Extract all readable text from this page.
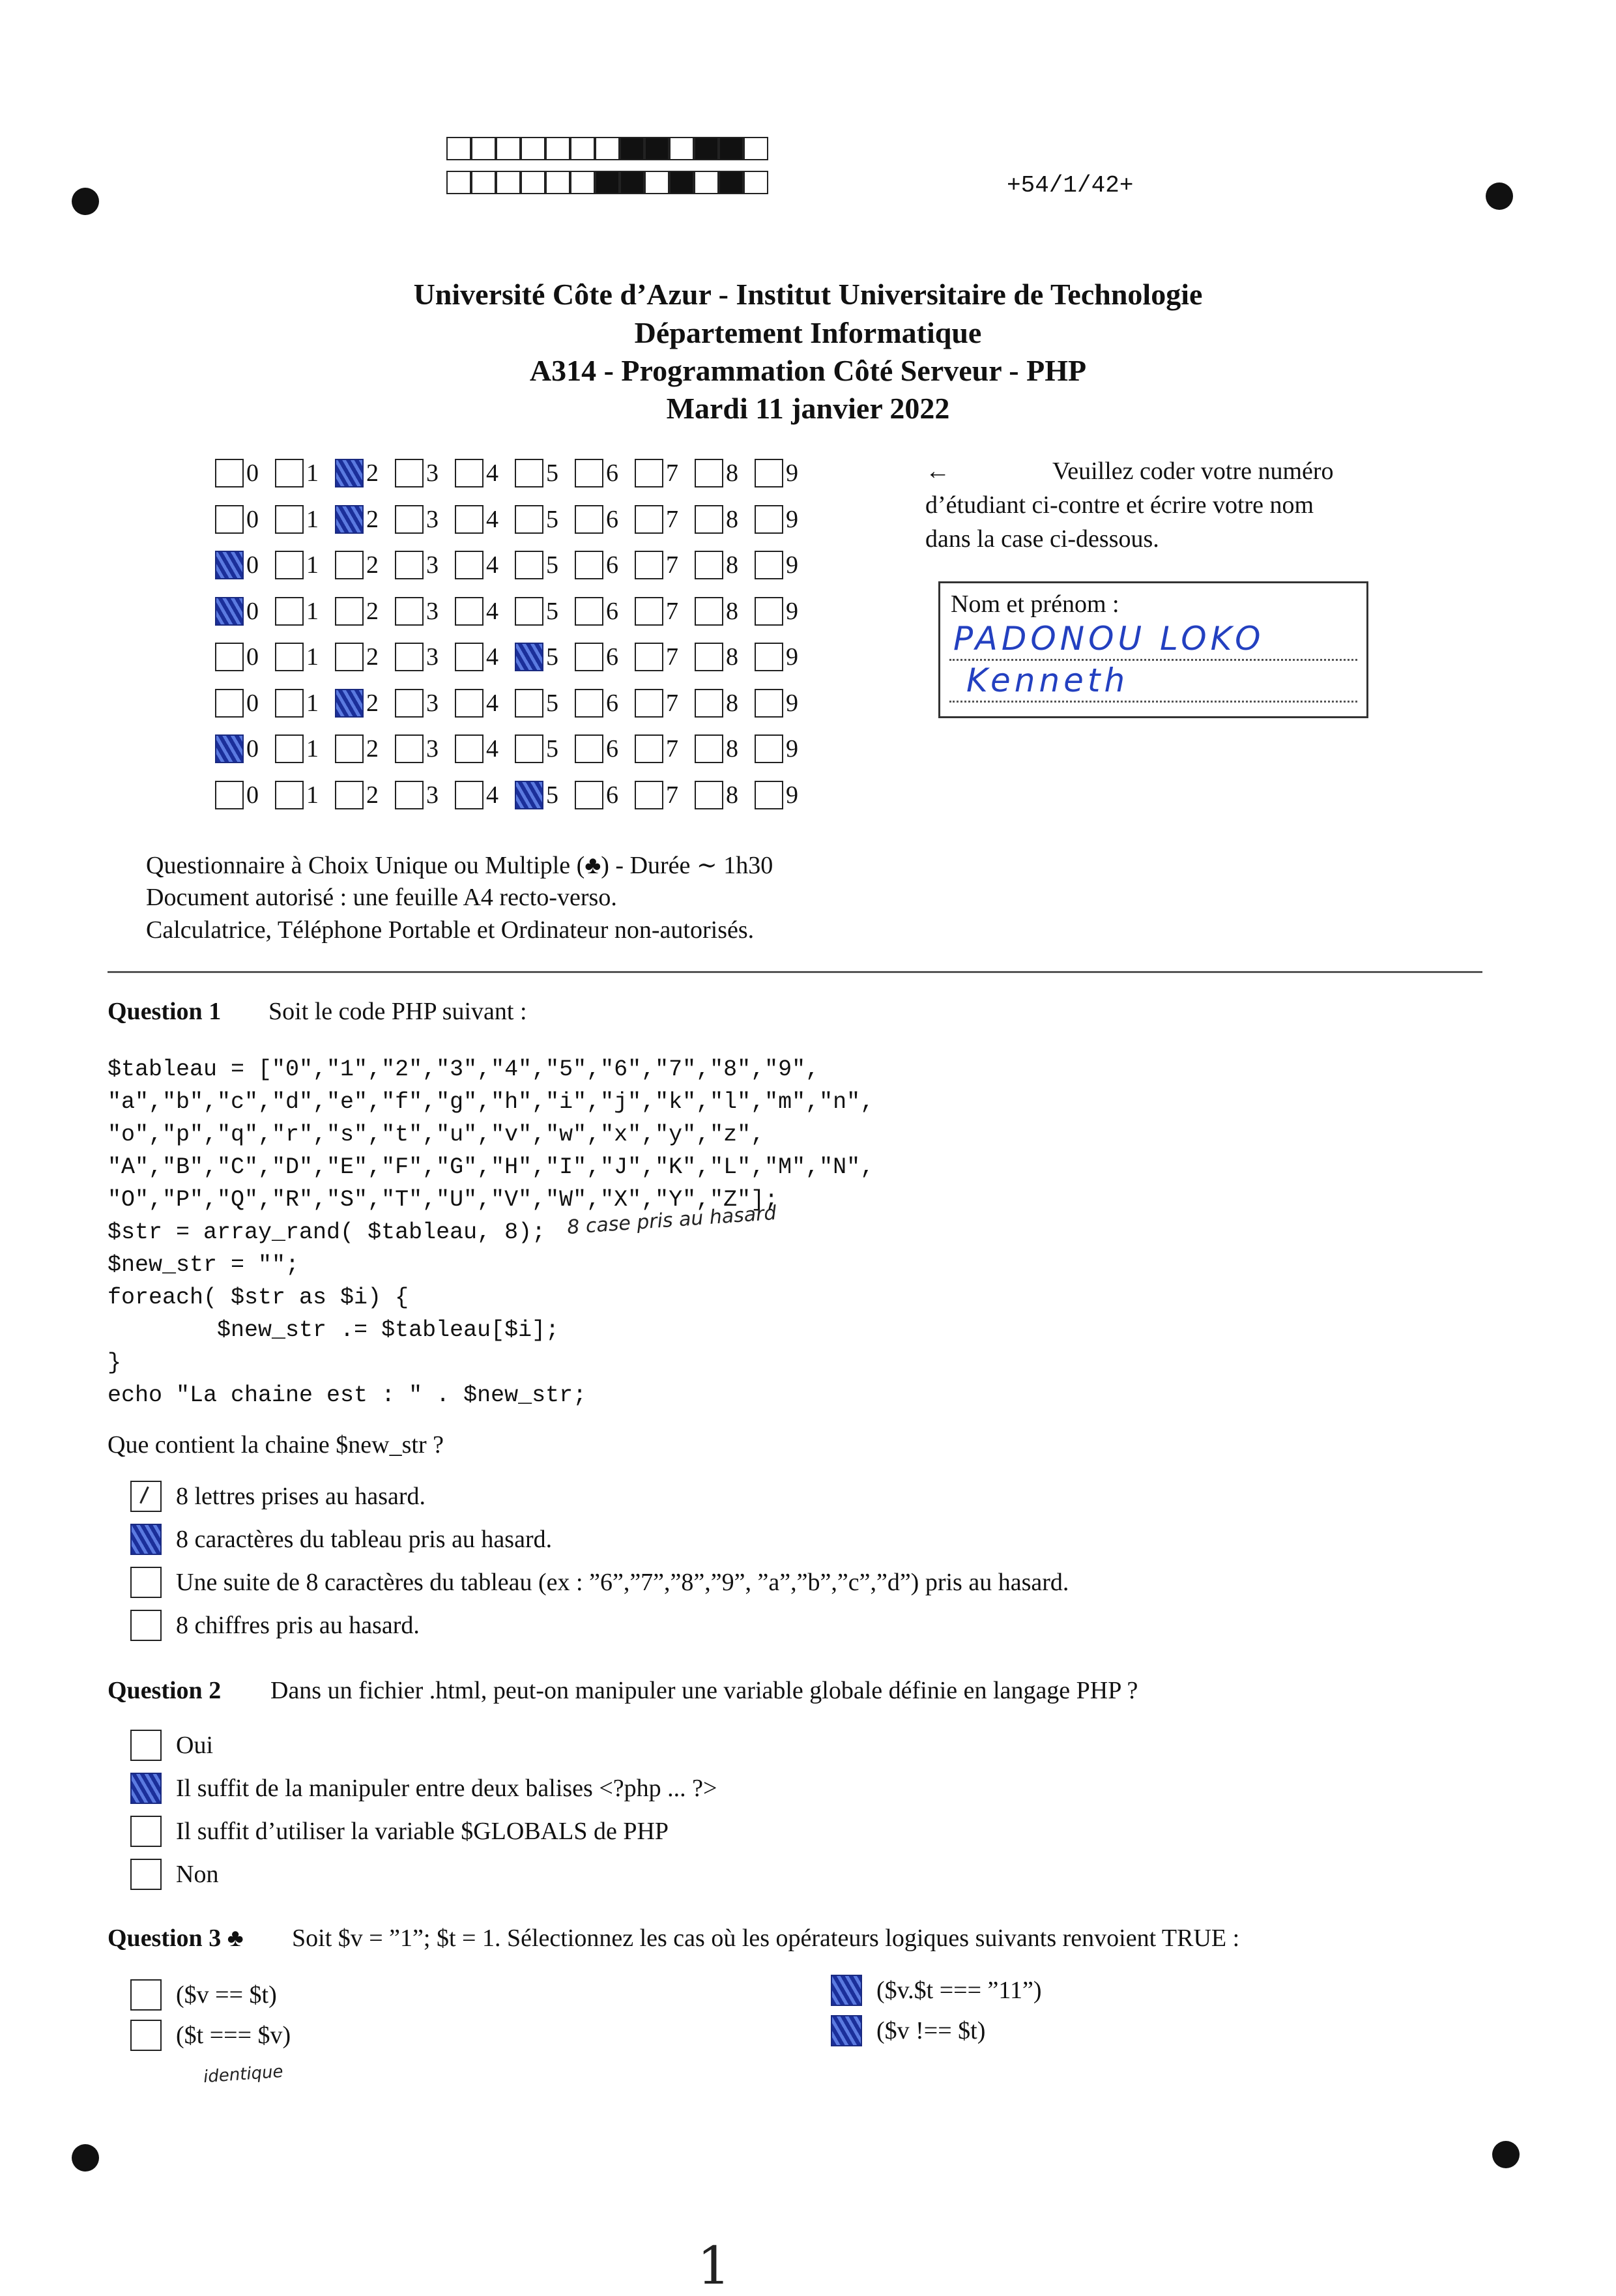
+54/1/42+
Université Côte d’Azur - Institut Universitaire de Technologie
Département Informatique
A314 - Programmation Côté Serveur - PHP
Mardi 11 janvier 2022
0 1 2 3 4 5 6 7 8 9
0 1 2 3 4 5 6 7 8 9
0 1 2 3 4 5 6 7 8 9
0 1 2 3 4 5 6 7 8 9
0 1 2 3 4 5 6 7 8 9
0 1 2 3 4 5 6 7 8 9
0 1 2 3 4 5 6 7 8 9
0 1 2 3 4 5 6 7 8 9
←	Veuillez coder votre numéro
d’étudiant ci-contre et écrire votre nom
dans la case ci-dessous.
Nom et prénom :
PADONOU LOKO
Kenneth
Questionnaire à Choix Unique ou Multiple (♣) - Durée ∼ 1h30
Document autorisé : une feuille A4 recto-verso.
Calculatrice, Téléphone Portable et Ordinateur non-autorisés.
Question 1 Soit le code PHP suivant :
$tableau = ["0","1","2","3","4","5","6","7","8","9",
"a","b","c","d","e","f","g","h","i","j","k","l","m","n",
"o","p","q","r","s","t","u","v","w","x","y","z",
"A","B","C","D","E","F","G","H","I","J","K","L","M","N",
"O","P","Q","R","S","T","U","V","W","X","Y","Z"];
$str = array_rand( $tableau, 8);
$new_str = "";
foreach( $str as $i) {
$new_str .= $tableau[$i];
}
echo "La chaine est : " . $new_str;
8 case pris au hasard
Que contient la chaine $new_str ?
8 lettres prises au hasard.
8 caractères du tableau pris au hasard.
Une suite de 8 caractères du tableau (ex : ”6”,”7”,”8”,”9”, ”a”,”b”,”c”,”d”) pris au hasard.
8 chiffres pris au hasard.
Question 2 Dans un fichier .html, peut-on manipuler une variable globale définie en langage PHP ?
Oui
Il suffit de la manipuler entre deux balises <?php ... ?>
Il suffit d’utiliser la variable $GLOBALS de PHP
Non
Question 3 ♣ Soit $v = ”1”; $t = 1. Sélectionnez les cas où les opérateurs logiques suivants renvoient TRUE :
($v == $t)
($t === $v)
($v.$t === ”11”)
($v !== $t)
identique
1
